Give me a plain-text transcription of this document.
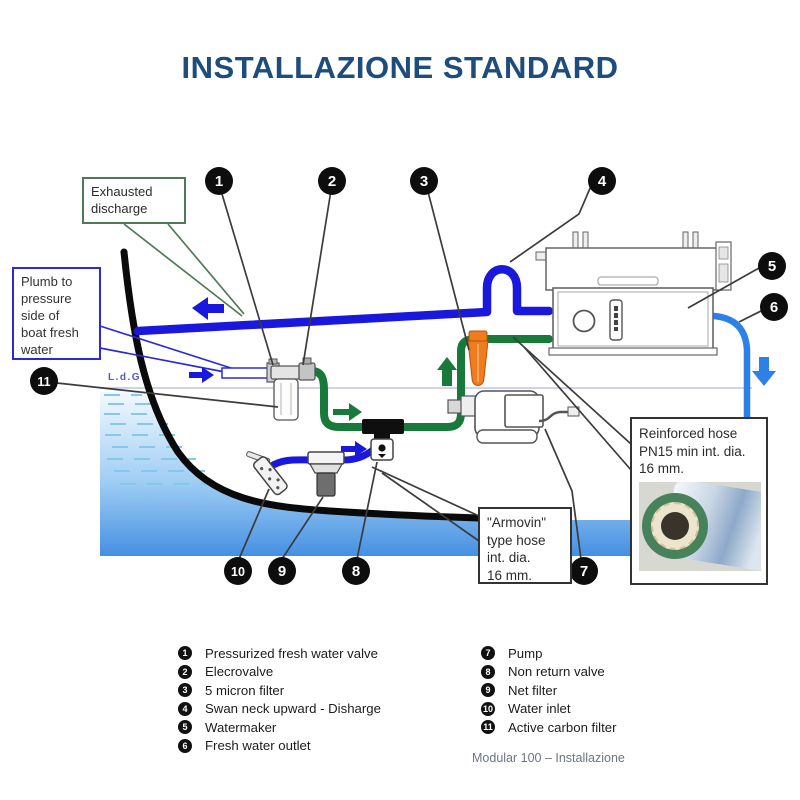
INSTALLAZIONE STANDARD
L.d.G
1	2	3	4
5
6
7
8
9
10
11
Exhausted
discharge
Plumb to
pressure
side of
boat fresh
water
"Armovin"
type hose
int. dia.
16 mm.
Reinforced hose
PN15 min int. dia.
16 mm.
1	Pressurized fresh water valve
2	Elecrovalve
3	5 micron filter
4	Swan neck upward - Disharge
5	Watermaker
6	Fresh water outlet
7	Pump
8	Non return valve
9	Net filter
10 Water inlet
11 Active carbon filter
Modular 100 – Installazione
